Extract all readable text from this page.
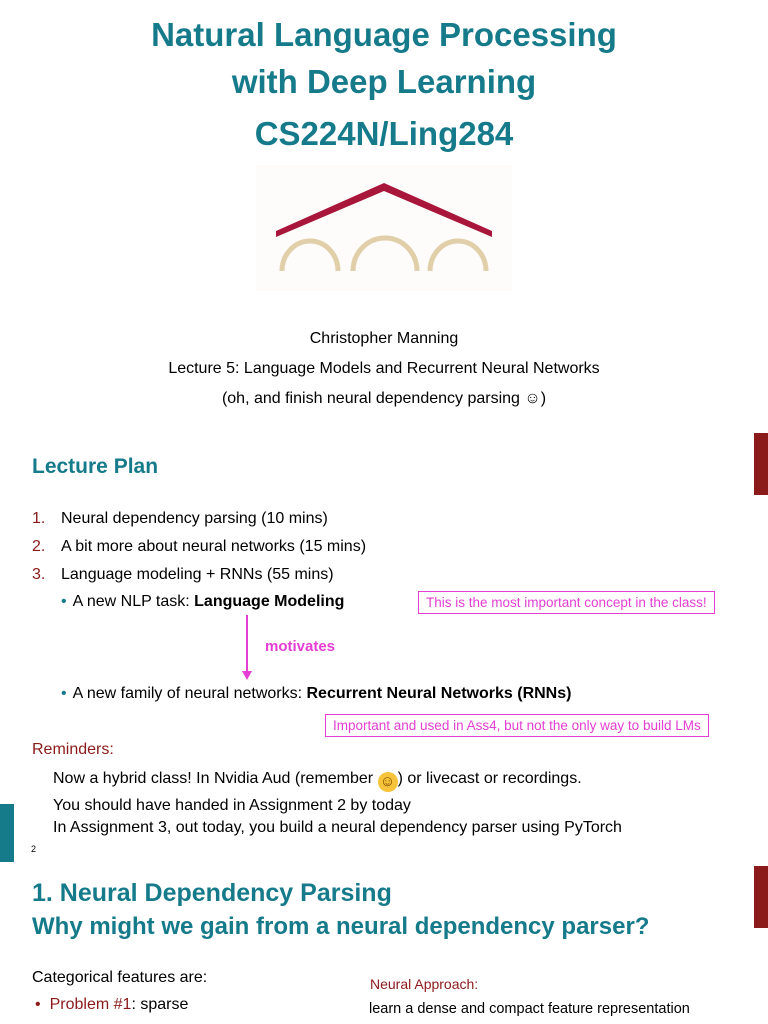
Natural Language Processing
with Deep Learning
CS224N/Ling284
Christopher Manning
Lecture 5: Language Models and Recurrent Neural Networks
(oh, and finish neural dependency parsing ☺)
Lecture Plan
1. Neural dependency parsing (10 mins)
2. A bit more about neural networks (15 mins)
3. Language modeling + RNNs (55 mins)
• A new NLP task: Language Modeling	This is the most important concept in the class!
motivates
• A new family of neural networks: Recurrent Neural Networks (RNNs)
Important and used in Ass4, but not the only way to build LMs
Reminders:
Now a hybrid class! In Nvidia Aud (remember ☺ ) or livecast or recordings.
You should have handed in Assignment 2 by today
In Assignment 3, out today, you build a neural dependency parser using PyTorch
2
1. Neural Dependency Parsing
Why might we gain from a neural dependency parser?
Categorical features are:
• Problem #1: sparse
Neural Approach:
learn a dense and compact feature representation
